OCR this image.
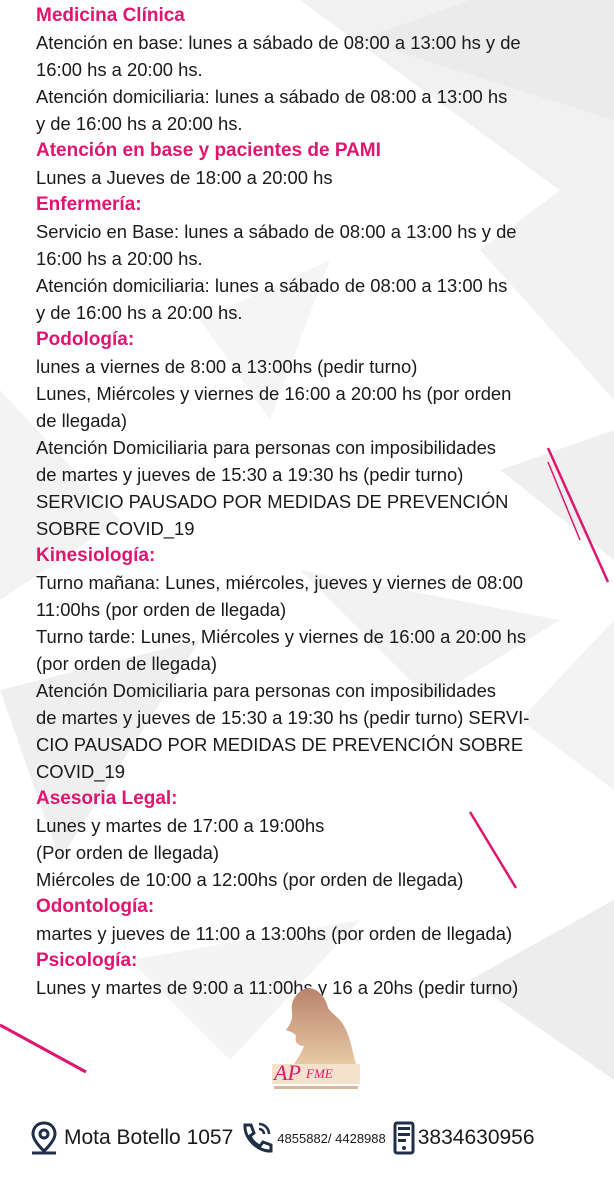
Medicina Clínica

Atención en base: lunes a sábado de 08:00 a 13:00 hs y de

16:00 hs a 20:00 hs.

Atención domiciliaria: lunes a sábado de 08:00 a 13:00 hs

y de 16:00 hs a 20:00 hs.

Atención en base y pacientes de PAMI

Lunes a Jueves de 18:00 a 20:00 hs

Enfermería:

Servicio en Base: lunes a sábado de 08:00 a 13:00 hs y de

16:00 hs a 20:00 hs.

Atención domiciliaria: lunes a sábado de 08:00 a 13:00 hs

y de 16:00 hs a 20:00 hs.

Podología:

lunes a viernes de 8:00 a 13:00hs (pedir turno)

Lunes, Miércoles y viernes de 16:00 a 20:00 hs (por orden

de llegada)

Atención Domiciliaria para personas con imposibilidades

de martes y jueves de 15:30 a 19:30 hs (pedir turno)

SERVICIO PAUSADO POR MEDIDAS DE PREVENCIÓN

SOBRE COVID_19

Kinesiología:

Turno mañana: Lunes, miércoles, jueves y viernes de 08:00

11:00hs (por orden de llegada)

Turno tarde: Lunes, Miércoles y viernes de 16:00 a 20:00 hs

(por orden de llegada)

Atención Domiciliaria para personas con imposibilidades

de martes y jueves de 15:30 a 19:30 hs (pedir turno) SERVI-

CIO PAUSADO POR MEDIDAS DE PREVENCIÓN SOBRE

COVID_19

Asesoria Legal:

Lunes y martes de 17:00 a 19:00hs

(Por orden de llegada)

Miércoles de 10:00 a 12:00hs (por orden de llegada)

Odontología:

martes y jueves de 11:00 a 13:00hs (por orden de llegada)

Psicología:

Lunes y martes de 9:00 a 11:00hs y 16 a 20hs (pedir turno)

AP FME
Mota Botello 1057	4855882/ 4428988 3834630956
